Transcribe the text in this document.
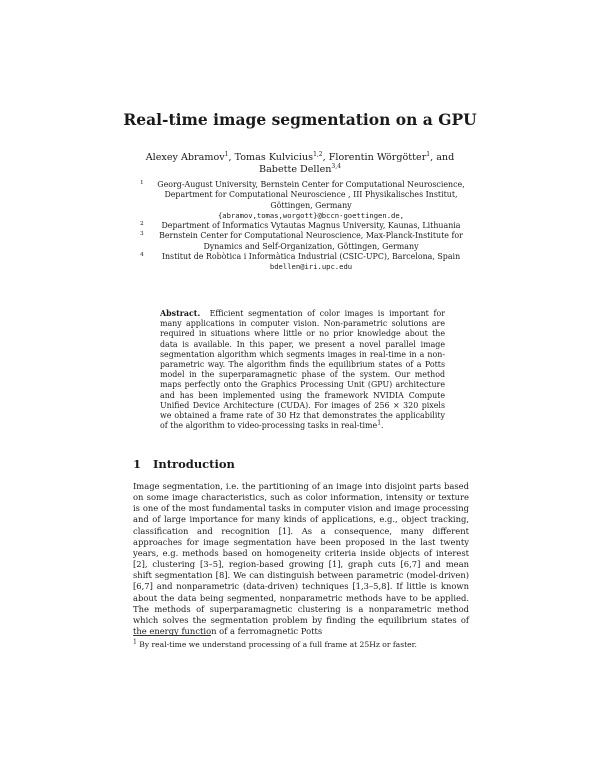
Real-time image segmentation on a GPU
Alexey Abramov$^1$, Tomas Kulvicius$^{1,2}$, Florentin Wörgötter$^1$, and Babette Dellen$^{3,4}$
1	Georg-August University, Bernstein Center for Computational Neuroscience,
Department for Computational Neuroscience , III Physikalisches Institut,
Göttingen, Germany
{abramov,tomas,worgott}@bccn-goettingen.de,
2	Department of Informatics Vytautas Magnus University, Kaunas, Lithuania
3	Bernstein Center for Computational Neuroscience, Max-Planck-Institute for
Dynamics and Self-Organization, Göttingen, Germany
4	Institut de Robòtica i Informàtica Industrial (CSIC-UPC), Barcelona, Spain
bdellen@iri.upc.edu

Abstract. Efficient segmentation of color images is important for many applications in computer vision. Non-parametric solutions are required in situations where little or no prior knowledge about the data is available. In this paper, we present a novel parallel image segmentation algorithm which segments images in real-time in a non-parametric way. The algorithm finds the equilibrium states of a Potts model in the superparamagnetic phase of the system. Our method maps perfectly onto the Graphics Processing Unit (GPU) architecture and has been implemented using the framework NVIDIA Compute Unified Device Architecture (CUDA). For images of 256 × 320 pixels we obtained a frame rate of 30 Hz that demonstrates the applicability of the algorithm to video-processing tasks in real-time$^1$.

1 Introduction

Image segmentation, i.e. the partitioning of an image into disjoint parts based on some image characteristics, such as color information, intensity or texture is one of the most fundamental tasks in computer vision and image processing and of large importance for many kinds of applications, e.g., object tracking, classification and recognition [1]. As a consequence, many different approaches for image segmentation have been proposed in the last twenty years, e.g. methods based on homogeneity criteria inside objects of interest [2], clustering [3–5], region-based growing [1], graph cuts [6,7] and mean shift segmentation [8]. We can distinguish between parametric (model-driven) [6,7] and nonparametric (data-driven) techniques [1,3–5,8]. If little is known about the data being segmented, nonparametric methods have to be applied. The methods of superparamagnetic clustering is a nonparametric method which solves the segmentation problem by finding the equilibrium states of the energy function of a ferromagnetic Potts

$^1$ By real-time we understand processing of a full frame at 25Hz or faster.
